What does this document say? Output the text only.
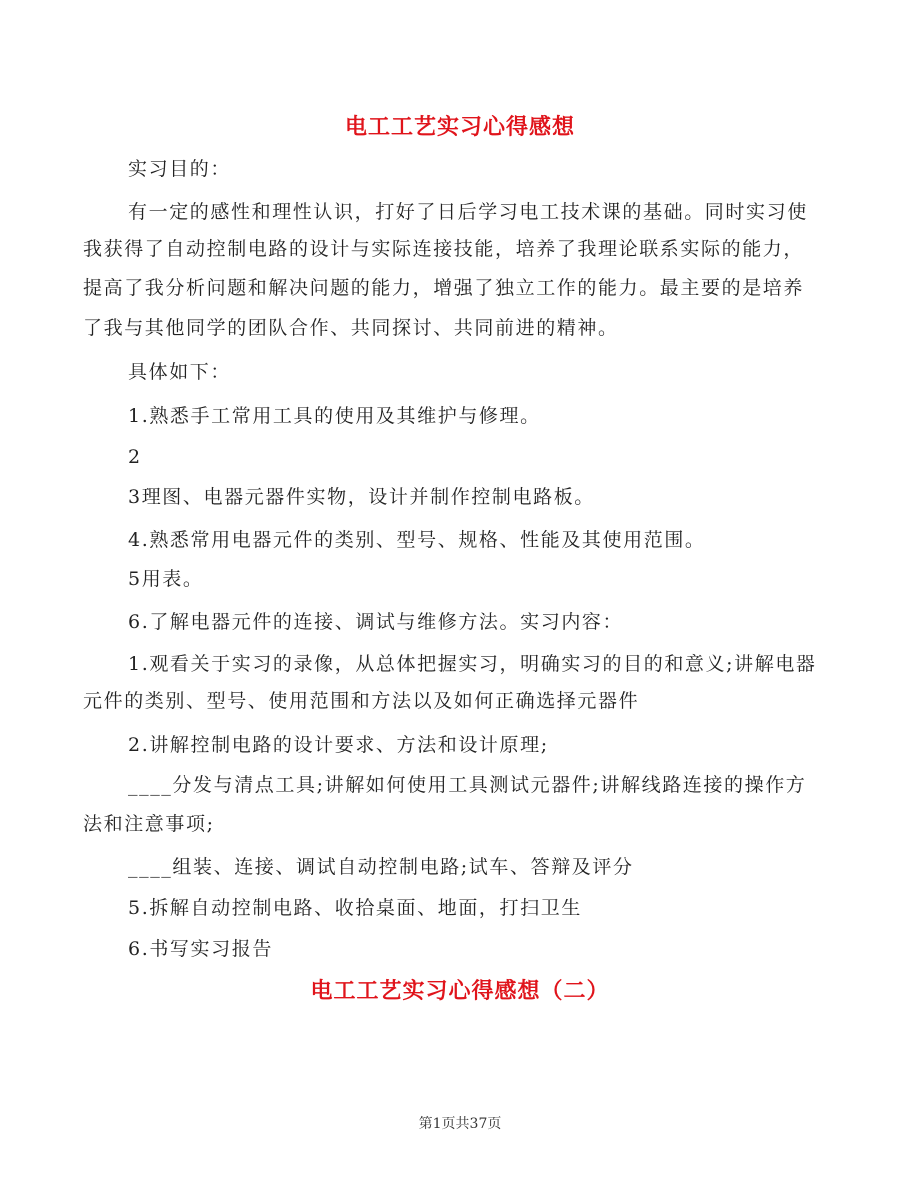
电工工艺实习心得感想
实习目的：
有一定的感性和理性认识，打好了日后学习电工技术课的基础。同时实习使
我获得了自动控制电路的设计与实际连接技能，培养了我理论联系实际的能力，
提高了我分析问题和解决问题的能力，增强了独立工作的能力。最主要的是培养
了我与其他同学的团队合作、共同探讨、共同前进的精神。
具体如下：
1.熟悉手工常用工具的使用及其维护与修理。
2
3理图、电器元器件实物，设计并制作控制电路板。
4.熟悉常用电器元件的类别、型号、规格、性能及其使用范围。
5用表。
6.了解电器元件的连接、调试与维修方法。实习内容：
1.观看关于实习的录像，从总体把握实习，明确实习的目的和意义;讲解电器
元件的类别、型号、使用范围和方法以及如何正确选择元器件
2.讲解控制电路的设计要求、方法和设计原理;
____分发与清点工具;讲解如何使用工具测试元器件;讲解线路连接的操作方
法和注意事项;
____组装、连接、调试自动控制电路;试车、答辩及评分
5.拆解自动控制电路、收拾桌面、地面，打扫卫生
6.书写实习报告
电工工艺实习心得感想（二）
第1页共37页
